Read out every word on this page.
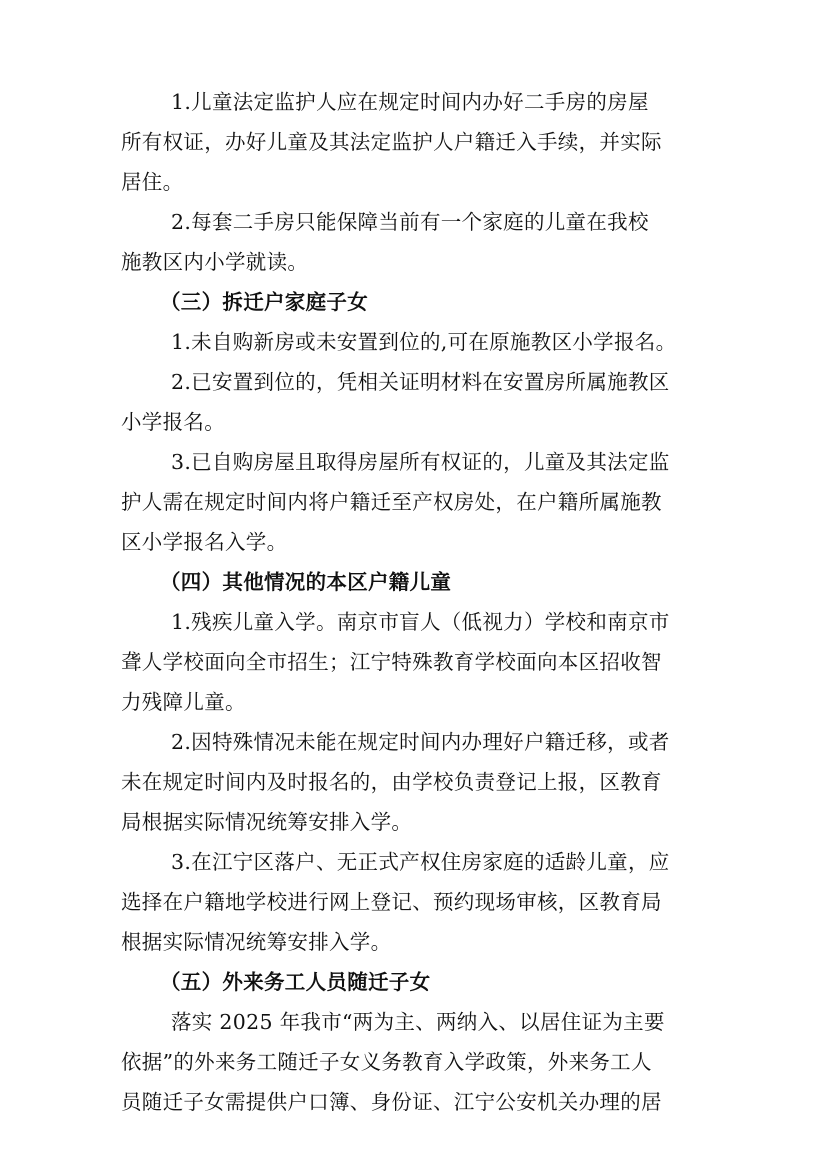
1.儿童法定监护人应在规定时间内办好二手房的房屋
所有权证，办好儿童及其法定监护人户籍迁入手续，并实际
居住。
2.每套二手房只能保障当前有一个家庭的儿童在我校
施教区内小学就读。
（三）拆迁户家庭子女
1.未自购新房或未安置到位的,可在原施教区小学报名。
2.已安置到位的，凭相关证明材料在安置房所属施教区
小学报名。
3.已自购房屋且取得房屋所有权证的，儿童及其法定监
护人需在规定时间内将户籍迁至产权房处，在户籍所属施教
区小学报名入学。
（四）其他情况的本区户籍儿童
1.残疾儿童入学。南京市盲人（低视力）学校和南京市
聋人学校面向全市招生；江宁特殊教育学校面向本区招收智
力残障儿童。
2.因特殊情况未能在规定时间内办理好户籍迁移，或者
未在规定时间内及时报名的，由学校负责登记上报，区教育
局根据实际情况统筹安排入学。
3.在江宁区落户、无正式产权住房家庭的适龄儿童，应
选择在户籍地学校进行网上登记、预约现场审核，区教育局
根据实际情况统筹安排入学。
（五）外来务工人员随迁子女
落实 2025 年我市“两为主、两纳入、以居住证为主要
依据”的外来务工随迁子女义务教育入学政策，外来务工人
员随迁子女需提供户口簿、身份证、江宁公安机关办理的居
